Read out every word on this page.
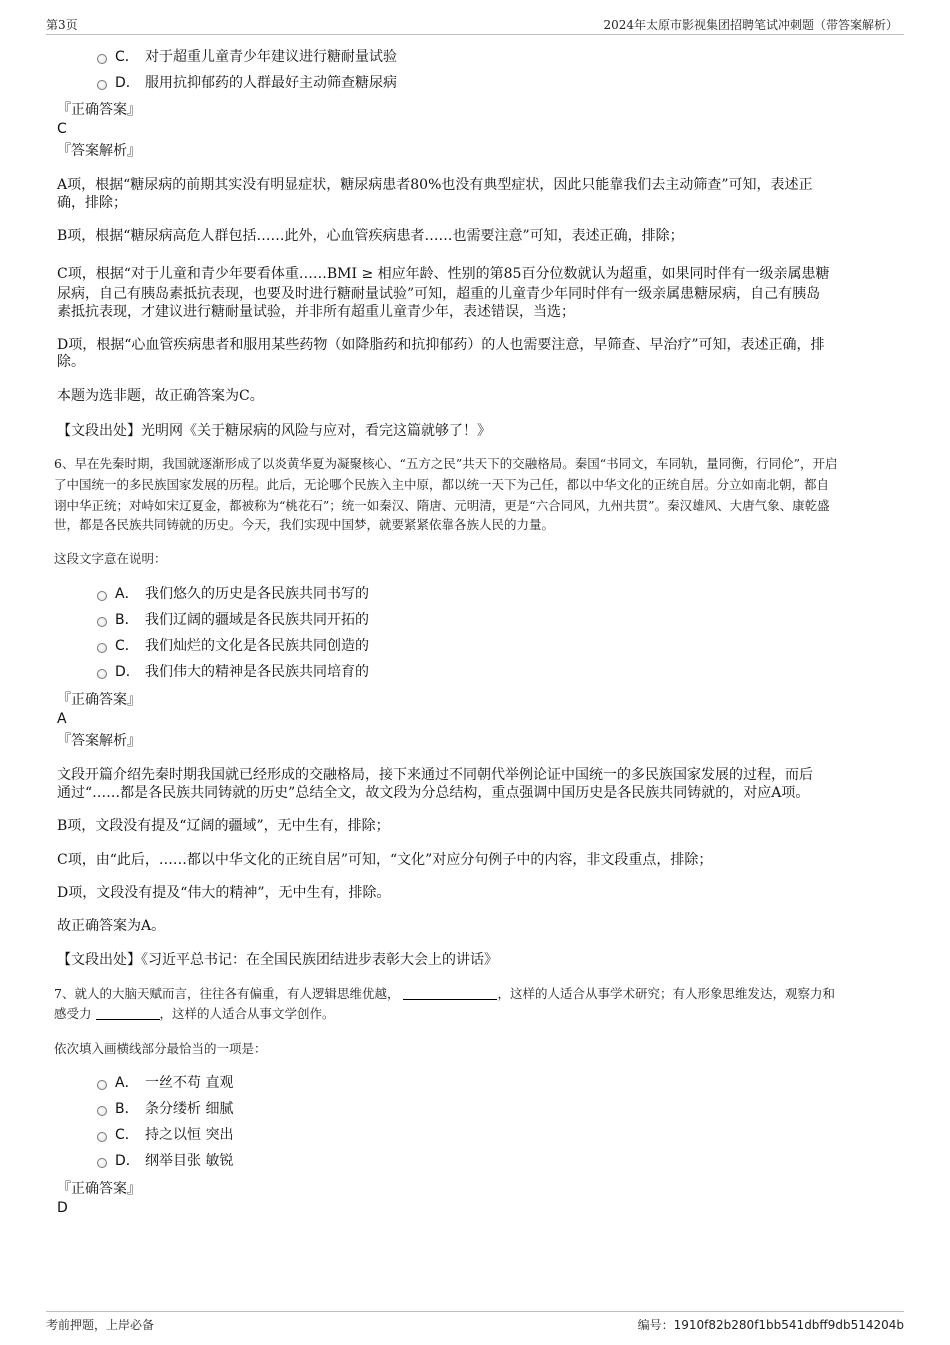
第3页	2024年太原市影视集团招聘笔试冲刺题（带答案解析）
C． 对于超重儿童青少年建议进行糖耐量试验
D． 服用抗抑郁药的人群最好主动筛查糖尿病
『正确答案』
C
『答案解析』
A项，根据“糖尿病的前期其实没有明显症状，糖尿病患者80%也没有典型症状，因此只能靠我们去主动筛查”可知，表述正
确，排除；
B项，根据“糖尿病高危人群包括……此外，心血管疾病患者……也需要注意”可知，表述正确，排除；
C项，根据“对于儿童和青少年要看体重……BMI ≥ 相应年龄、性别的第85百分位数就认为超重，如果同时伴有一级亲属患糖
尿病，自己有胰岛素抵抗表现，也要及时进行糖耐量试验”可知，超重的儿童青少年同时伴有一级亲属患糖尿病，自己有胰岛
素抵抗表现，才建议进行糖耐量试验，并非所有超重儿童青少年，表述错误，当选；
D项，根据“心血管疾病患者和服用某些药物（如降脂药和抗抑郁药）的人也需要注意，早筛查、早治疗”可知，表述正确，排
除。
本题为选非题，故正确答案为C。
【文段出处】光明网《关于糖尿病的风险与应对，看完这篇就够了！》
6、早在先秦时期，我国就逐渐形成了以炎黄华夏为凝聚核心、“五方之民”共天下的交融格局。秦国“书同文，车同轨，量同衡，行同伦”，开启
了中国统一的多民族国家发展的历程。此后，无论哪个民族入主中原，都以统一天下为己任，都以中华文化的正统自居。分立如南北朝，都自
诩中华正统；对峙如宋辽夏金，都被称为“桃花石”；统一如秦汉、隋唐、元明清，更是“六合同风，九州共贯”。秦汉雄风、大唐气象、康乾盛
世，都是各民族共同铸就的历史。今天，我们实现中国梦，就要紧紧依靠各族人民的力量。
这段文字意在说明：
A． 我们悠久的历史是各民族共同书写的
B． 我们辽阔的疆域是各民族共同开拓的
C． 我们灿烂的文化是各民族共同创造的
D． 我们伟大的精神是各民族共同培育的
『正确答案』
A
『答案解析』
文段开篇介绍先秦时期我国就已经形成的交融格局，接下来通过不同朝代举例论证中国统一的多民族国家发展的过程，而后
通过“……都是各民族共同铸就的历史”总结全文，故文段为分总结构，重点强调中国历史是各民族共同铸就的，对应A项。
B项，文段没有提及“辽阔的疆域”，无中生有，排除；
C项，由“此后，……都以中华文化的正统自居”可知，“文化”对应分句例子中的内容，非文段重点，排除；
D项，文段没有提及“伟大的精神”，无中生有，排除。
故正确答案为A。
【文段出处】《习近平总书记：在全国民族团结进步表彰大会上的讲话》
7、就人的大脑天赋而言，往往各有偏重，有人逻辑思维优越，	，这样的人适合从事学术研究；有人形象思维发达，观察力和
感受力	，这样的人适合从事文学创作。
依次填入画横线部分最恰当的一项是：
A． 一丝不苟 直观
B． 条分缕析 细腻
C． 持之以恒 突出
D． 纲举目张 敏锐
『正确答案』
D
考前押题，上岸必备	编号：1910f82b280f1bb541dbff9db514204b
